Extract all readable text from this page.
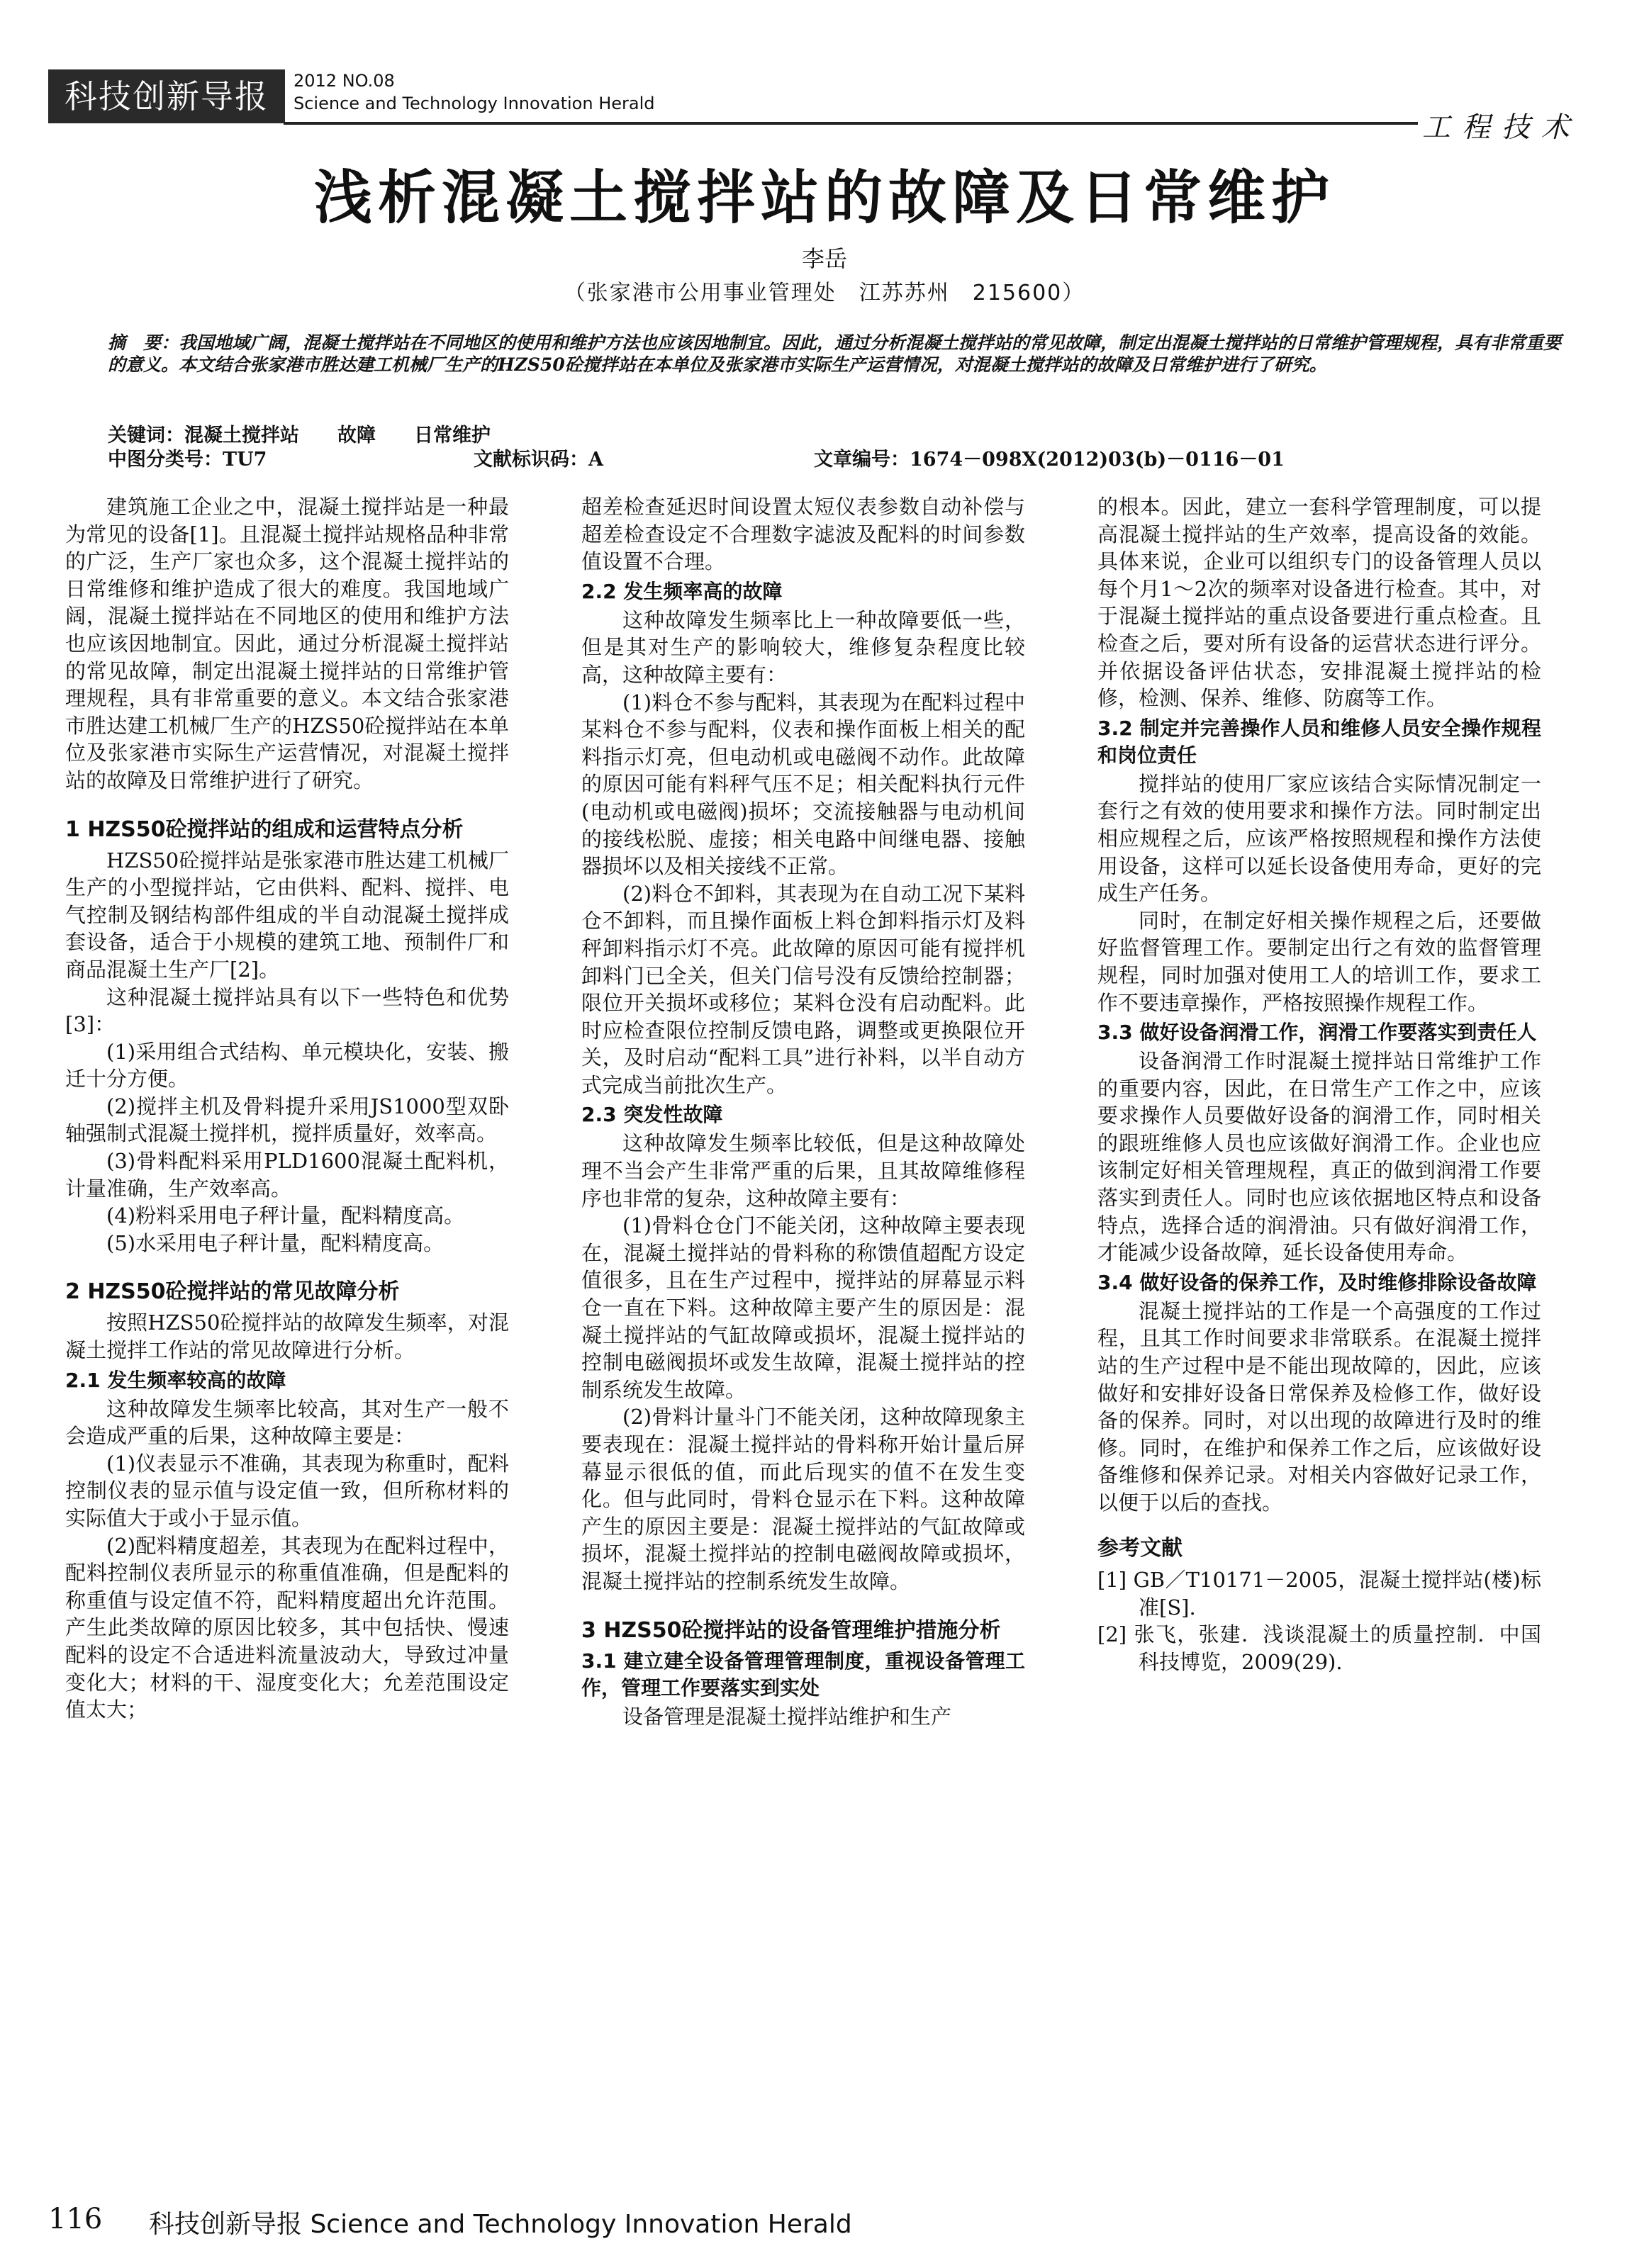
科技创新导报	2012 NO.08
Science and Technology Innovation Herald
工程技术
浅析混凝土搅拌站的故障及日常维护
李岳
（张家港市公用事业管理处　江苏苏州　215600）
摘　要：我国地域广阔，混凝土搅拌站在不同地区的使用和维护方法也应该因地制宜。因此，通过分析混凝土搅拌站的常见故障，制定出混凝土搅拌站的日常维护管理规程，具有非常重要的意义。本文结合张家港市胜达建工机械厂生产的HZS50砼搅拌站在本单位及张家港市实际生产运营情况，对混凝土搅拌站的故障及日常维护进行了研究。
关键词：混凝土搅拌站　　故障　　日常维护
中图分类号：TU7	文献标识码：A	文章编号：1674－098X(2012)03(b)－0116－01

建筑施工企业之中，混凝土搅拌站是一种最为常见的设备[1]。且混凝土搅拌站规格品种非常的广泛，生产厂家也众多，这个混凝土搅拌站的日常维修和维护造成了很大的难度。我国地域广阔，混凝土搅拌站在不同地区的使用和维护方法也应该因地制宜。因此，通过分析混凝土搅拌站的常见故障，制定出混凝土搅拌站的日常维护管理规程，具有非常重要的意义。本文结合张家港市胜达建工机械厂生产的HZS50砼搅拌站在本单位及张家港市实际生产运营情况，对混凝土搅拌站的故障及日常维护进行了研究。

1 HZS50砼搅拌站的组成和运营特点分析

HZS50砼搅拌站是张家港市胜达建工机械厂生产的小型搅拌站，它由供料、配料、搅拌、电气控制及钢结构部件组成的半自动混凝土搅拌成套设备，适合于小规模的建筑工地、预制件厂和商品混凝土生产厂[2]。

这种混凝土搅拌站具有以下一些特色和优势[3]：

(1)采用组合式结构、单元模块化，安装、搬迁十分方便。

(2)搅拌主机及骨料提升采用JS1000型双卧轴强制式混凝土搅拌机，搅拌质量好，效率高。

(3)骨料配料采用PLD1600混凝土配料机，计量准确，生产效率高。

(4)粉料采用电子秤计量，配料精度高。

(5)水采用电子秤计量，配料精度高。

2 HZS50砼搅拌站的常见故障分析

按照HZS50砼搅拌站的故障发生频率，对混凝土搅拌工作站的常见故障进行分析。

2.1 发生频率较高的故障

这种故障发生频率比较高，其对生产一般不会造成严重的后果，这种故障主要是：

(1)仪表显示不准确，其表现为称重时，配料控制仪表的显示值与设定值一致，但所称材料的实际值大于或小于显示值。

(2)配料精度超差，其表现为在配料过程中，配料控制仪表所显示的称重值准确，但是配料的称重值与设定值不符，配料精度超出允许范围。产生此类故障的原因比较多，其中包括快、慢速配料的设定不合适进料流量波动大，导致过冲量变化大；材料的干、湿度变化大；允差范围设定值太大；

超差检查延迟时间设置太短仪表参数自动补偿与超差检查设定不合理数字滤波及配料的时间参数值设置不合理。

2.2 发生频率高的故障

这种故障发生频率比上一种故障要低一些，但是其对生产的影响较大，维修复杂程度比较高，这种故障主要有：

(1)料仓不参与配料，其表现为在配料过程中某料仓不参与配料，仪表和操作面板上相关的配料指示灯亮，但电动机或电磁阀不动作。此故障的原因可能有料秤气压不足；相关配料执行元件(电动机或电磁阀)损坏；交流接触器与电动机间的接线松脱、虚接；相关电路中间继电器、接触器损坏以及相关接线不正常。

(2)料仓不卸料，其表现为在自动工况下某料仓不卸料，而且操作面板上料仓卸料指示灯及料秤卸料指示灯不亮。此故障的原因可能有搅拌机卸料门已全关，但关门信号没有反馈给控制器；限位开关损坏或移位；某料仓没有启动配料。此时应检查限位控制反馈电路，调整或更换限位开关，及时启动“配料工具”进行补料，以半自动方式完成当前批次生产。

2.3 突发性故障

这种故障发生频率比较低，但是这种故障处理不当会产生非常严重的后果，且其故障维修程序也非常的复杂，这种故障主要有：

(1)骨料仓仓门不能关闭，这种故障主要表现在，混凝土搅拌站的骨料称的称馈值超配方设定值很多，且在生产过程中，搅拌站的屏幕显示料仓一直在下料。这种故障主要产生的原因是：混凝土搅拌站的气缸故障或损坏，混凝土搅拌站的控制电磁阀损坏或发生故障，混凝土搅拌站的控制系统发生故障。

(2)骨料计量斗门不能关闭，这种故障现象主要表现在：混凝土搅拌站的骨料称开始计量后屏幕显示很低的值，而此后现实的值不在发生变化。但与此同时，骨料仓显示在下料。这种故障产生的原因主要是：混凝土搅拌站的气缸故障或损坏，混凝土搅拌站的控制电磁阀故障或损坏，混凝土搅拌站的控制系统发生故障。

3 HZS50砼搅拌站的设备管理维护措施分析
3.1 建立建全设备管理管理制度，重视设备管理工作，管理工作要落实到实处

设备管理是混凝土搅拌站维护和生产

的根本。因此，建立一套科学管理制度，可以提高混凝土搅拌站的生产效率，提高设备的效能。具体来说，企业可以组织专门的设备管理人员以每个月1～2次的频率对设备进行检查。其中，对于混凝土搅拌站的重点设备要进行重点检查。且检查之后，要对所有设备的运营状态进行评分。并依据设备评估状态，安排混凝土搅拌站的检修，检测、保养、维修、防腐等工作。

3.2 制定并完善操作人员和维修人员安全操作规程和岗位责任

搅拌站的使用厂家应该结合实际情况制定一套行之有效的使用要求和操作方法。同时制定出相应规程之后，应该严格按照规程和操作方法使用设备，这样可以延长设备使用寿命，更好的完成生产任务。

同时，在制定好相关操作规程之后，还要做好监督管理工作。要制定出行之有效的监督管理规程，同时加强对使用工人的培训工作，要求工作不要违章操作，严格按照操作规程工作。

3.3 做好设备润滑工作，润滑工作要落实到责任人

设备润滑工作时混凝土搅拌站日常维护工作的重要内容，因此，在日常生产工作之中，应该要求操作人员要做好设备的润滑工作，同时相关的跟班维修人员也应该做好润滑工作。企业也应该制定好相关管理规程，真正的做到润滑工作要落实到责任人。同时也应该依据地区特点和设备特点，选择合适的润滑油。只有做好润滑工作，才能减少设备故障，延长设备使用寿命。

3.4 做好设备的保养工作，及时维修排除设备故障

混凝土搅拌站的工作是一个高强度的工作过程，且其工作时间要求非常联系。在混凝土搅拌站的生产过程中是不能出现故障的，因此，应该做好和安排好设备日常保养及检修工作，做好设备的保养。同时，对以出现的故障进行及时的维修。同时，在维护和保养工作之后，应该做好设备维修和保养记录。对相关内容做好记录工作，以便于以后的查找。

参考文献

[1] GB／T10171－2005，混凝土搅拌站(楼)标准[S].

[2] 张飞，张建．浅谈混凝土的质量控制．中国科技博览，2009(29).

116 科技创新导报 Science and Technology Innovation Herald
